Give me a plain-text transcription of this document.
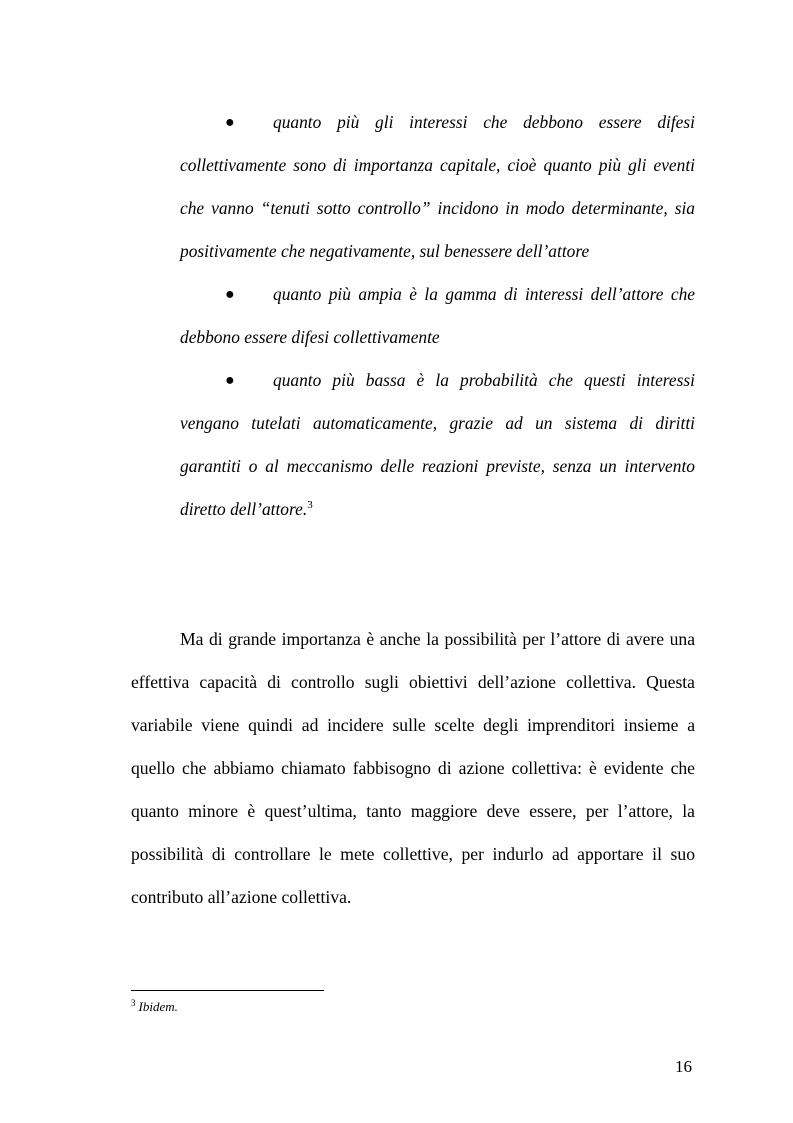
● quanto più gli interessi che debbono essere difesi collettivamente sono di importanza capitale, cioè quanto più gli eventi che vanno “tenuti sotto controllo” incidono in modo determinante, sia positivamente che negativamente, sul benessere dell’attore

● quanto più ampia è la gamma di interessi dell’attore che debbono essere difesi collettivamente

● quanto più bassa è la probabilità che questi interessi vengano tutelati automaticamente, grazie ad un sistema di diritti garantiti o al meccanismo delle reazioni previste, senza un intervento diretto dell’attore.$^3$

Ma di grande importanza è anche la possibilità per l’attore di avere una effettiva capacità di controllo sugli obiettivi dell’azione collettiva. Questa variabile viene quindi ad incidere sulle scelte degli imprenditori insieme a quello che abbiamo chiamato fabbisogno di azione collettiva: è evidente che quanto minore è quest’ultima, tanto maggiore deve essere, per l’attore, la possibilità di controllare le mete collettive, per indurlo ad apportare il suo contributo all’azione collettiva.

$^3$ Ibidem.
16
